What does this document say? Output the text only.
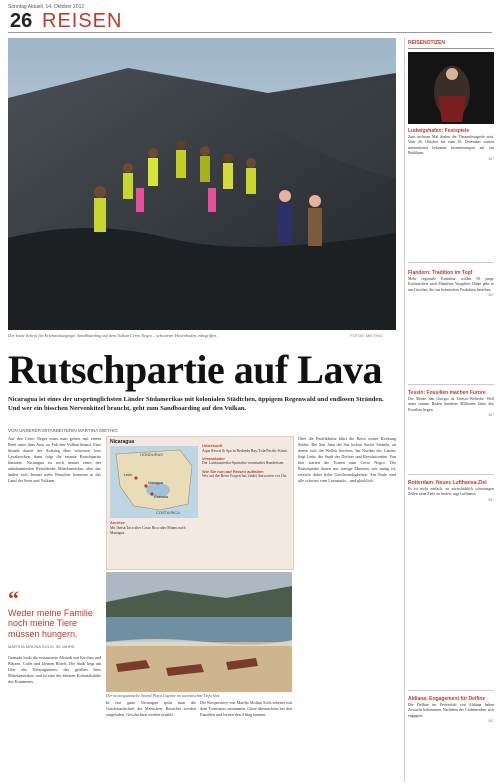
Sonntag Aktuell, 14. Oktober 2012
26 REISEN
Der letzte Schritt für Erlebnishungrige: Sandboarding auf dem Vulkan Cerro Negro – schwarzer Hosenboden inbegriffen.	FOTOS: MIETHIG
Rutschpartie auf Lava
Nicaragua ist eines der ursprünglichsten Länder Südamerikas mit kolonialen Städtchen, üppigem Regenwald und endlosen Stränden. Und wer ein bisschen Nervenkitzel braucht, geht zum Sandboarding auf den Vulkan.
VON UNSERER MITARBEITERIN MARTINA MIETHIG
Auf den Cerro Negro muss man gehen, mit einem Brett unter dem Arm, zu Fuß den Vulkan hinauf. Eine Stunde dauert der Aufstieg über schwarze, lose Lavabrocken, dann folgt die rasante Rutschpartie hinunter. Nicaragua ist noch immer eines der unbekanntesten Reiseländer Mittelamerikas, aber das ändert sich: Immer mehr Besucher kommen in das Land der Seen und Vulkane.
“
Weder meine Familie noch meine Tiere müssen hungern.
MARTHA MOLINA SOLIS, 59 JAHRE
Granada lockt die restaurierte Altstadt mit Kirchen und Plätzen, Cafés und kleinen Hotels. Die Stadt liegt am Ufer des Nicaraguasees, des größten Sees Mittelamerikas, und ist eine der ältesten Kolonialstädte des Kontinents.
Nicaragua
HONDURAS
León
Managua
Granada
COSTA RICA
Anreise
Mit Iberia/Taca über Costa Rica oder Miami nach Managua.
Unterkunft
Aqua Resort & Spa in Redonda Bay, Tola/Pacific-Küste.
Veranstalter
Der Lateinamerika-Spezialist veranstaltet Rundreisen.
Wie Sie nun auf Reisen auffallen
Wer auf der Reise Fragen hat, findet Antworten vor Ort.
Der nicaraguanische Strand Playa Gigante im touristischen Tiefschlaf.
In fast ganz Nicaragua spürt man die Gastfreundschaft der Menschen. Besucher werden eingeladen, Geschichten werden erzählt.
Die Kooperative von Martha Molina Solis arbeitet mit dem Tourismus zusammen. Gäste übernachten bei den Familien und lernen den Alltag kennen.
Über die Pazifikküste führt die Reise weiter Richtung Süden. Bei San Juan del Sur locken Surfer Strände, an denen sich die Wellen brechen. Im Norden des Landes liegt León, die Stadt der Dichter und Revolutionäre. Von hier starten die Touren zum Cerro Negro. Die Rutschpartie dauert nur wenige Minuten, wer mutig ist, erreicht dabei hohe Geschwindigkeiten. Am Ende sind alle schwarz vom Lavastaub – und glücklich.
REISENOTIZEN
Ludwigshafen: Festspiele
Zum sechsten Mal finden die Theaterfestspiele statt. Vom 26. Oktober bis zum 16. Dezember warten international bekannte Inszenierungen auf ein Publikum.
567
Flandern: Tradition im Topf
Mehr regionale Esskultur wollen 59 junge Küchenchefs nach Flanderns Vorgaben. Dabei geht es um Gerichte, die aus heimischen Produkten bestehen.
567
Tessin: Fossilien machen Furore
Der Monte San Giorgio ist Unesco-Welterbe. Weil unter seinem Boden hunderte Millionen Jahre alte Fossilien liegen.
567
Rotterdam: Neues Lufthansa-Ziel
Es ist nicht einfach, zu wirtschaftlich schwierigen Zeiten neue Ziele zu finden, sagt Lufthansa.
567
Aldiana: Engagement für Delfine
Die Delfine im Ferienclub von Aldiana haben Zuwachs bekommen. Nachdem der Clubbetreiber sich engagiert.
567
